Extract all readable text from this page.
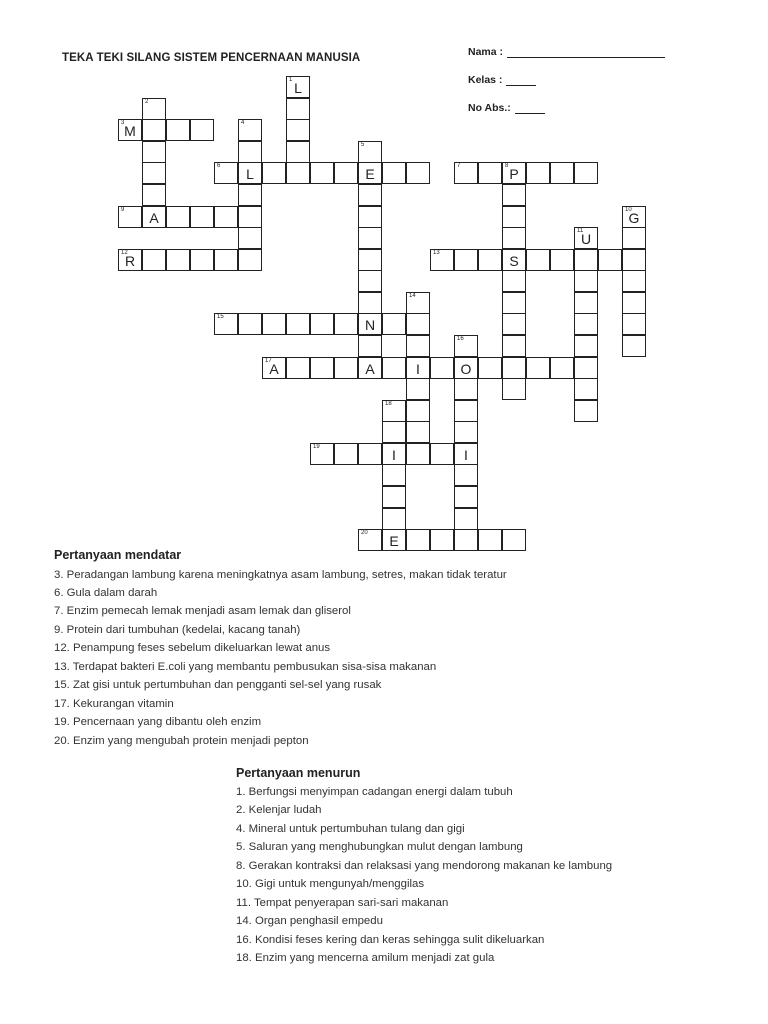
TEKA TEKI SILANG SISTEM PENCERNAAN MANUSIA	Nama :
Kelas :
No Abs.:
3 M
6	L	E	7	8 P
9	A
12
R	13	S
15	N
17
A	A	I	O
19	I	I
20	E
1 L
2
4
5
10
G
11
U
14
16
18
Pertanyaan mendatar
3. Peradangan lambung karena meningkatnya asam lambung, setres, makan tidak teratur
6. Gula dalam darah
7. Enzim pemecah lemak menjadi asam lemak dan gliserol
9. Protein dari tumbuhan (kedelai, kacang tanah)
12. Penampung feses sebelum dikeluarkan lewat anus
13. Terdapat bakteri E.coli yang membantu pembusukan sisa-sisa makanan
15. Zat gisi untuk pertumbuhan dan pengganti sel-sel yang rusak
17. Kekurangan vitamin
19. Pencernaan yang dibantu oleh enzim
20. Enzim yang mengubah protein menjadi pepton
Pertanyaan menurun
1. Berfungsi menyimpan cadangan energi dalam tubuh
2. Kelenjar ludah
4. Mineral untuk pertumbuhan tulang dan gigi
5. Saluran yang menghubungkan mulut dengan lambung
8. Gerakan kontraksi dan relaksasi yang mendorong makanan ke lambung
10. Gigi untuk mengunyah/menggilas
11. Tempat penyerapan sari-sari makanan
14. Organ penghasil empedu
16. Kondisi feses kering dan keras sehingga sulit dikeluarkan
18. Enzim yang mencerna amilum menjadi zat gula
